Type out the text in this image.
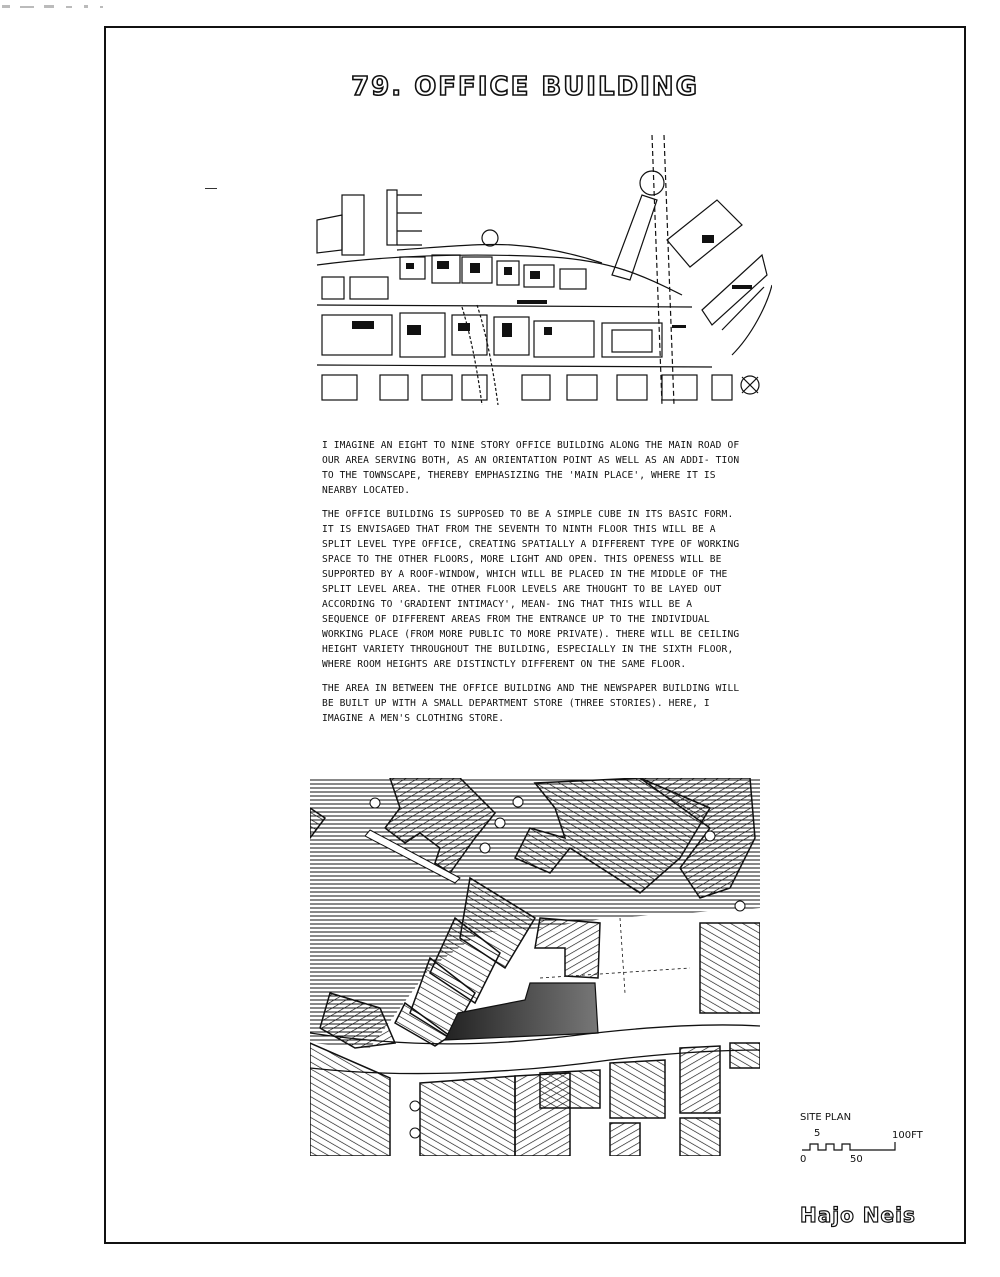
79. OFFICE BUILDING

I IMAGINE AN EIGHT TO NINE STORY OFFICE BUILDING ALONG THE MAIN ROAD OF OUR AREA SERVING BOTH, AS AN ORIENTATION POINT AS WELL AS AN ADDI- TION TO THE TOWNSCAPE, THEREBY EMPHASIZING THE 'MAIN PLACE', WHERE IT IS NEARBY LOCATED.

THE OFFICE BUILDING IS SUPPOSED TO BE A SIMPLE CUBE IN ITS BASIC FORM. IT IS ENVISAGED THAT FROM THE SEVENTH TO NINTH FLOOR THIS WILL BE A SPLIT LEVEL TYPE OFFICE, CREATING SPATIALLY A DIFFERENT TYPE OF WORKING SPACE TO THE OTHER FLOORS, MORE LIGHT AND OPEN. THIS OPENESS WILL BE SUPPORTED BY A ROOF-WINDOW, WHICH WILL BE PLACED IN THE MIDDLE OF THE SPLIT LEVEL AREA. THE OTHER FLOOR LEVELS ARE THOUGHT TO BE LAYED OUT ACCORDING TO 'GRADIENT INTIMACY', MEAN- ING THAT THIS WILL BE A SEQUENCE OF DIFFERENT AREAS FROM THE ENTRANCE UP TO THE INDIVIDUAL WORKING PLACE (FROM MORE PUBLIC TO MORE PRIVATE). THERE WILL BE CEILING HEIGHT VARIETY THROUGHOUT THE BUILDING, ESPECIALLY IN THE SIXTH FLOOR, WHERE ROOM HEIGHTS ARE DISTINCTLY DIFFERENT ON THE SAME FLOOR.

THE AREA IN BETWEEN THE OFFICE BUILDING AND THE NEWSPAPER BUILDING WILL BE BUILT UP WITH A SMALL DEPARTMENT STORE (THREE STORIES). HERE, I IMAGINE A MEN'S CLOTHING STORE.

SITE PLAN
5	100FT
0	50
Hajo Neis
